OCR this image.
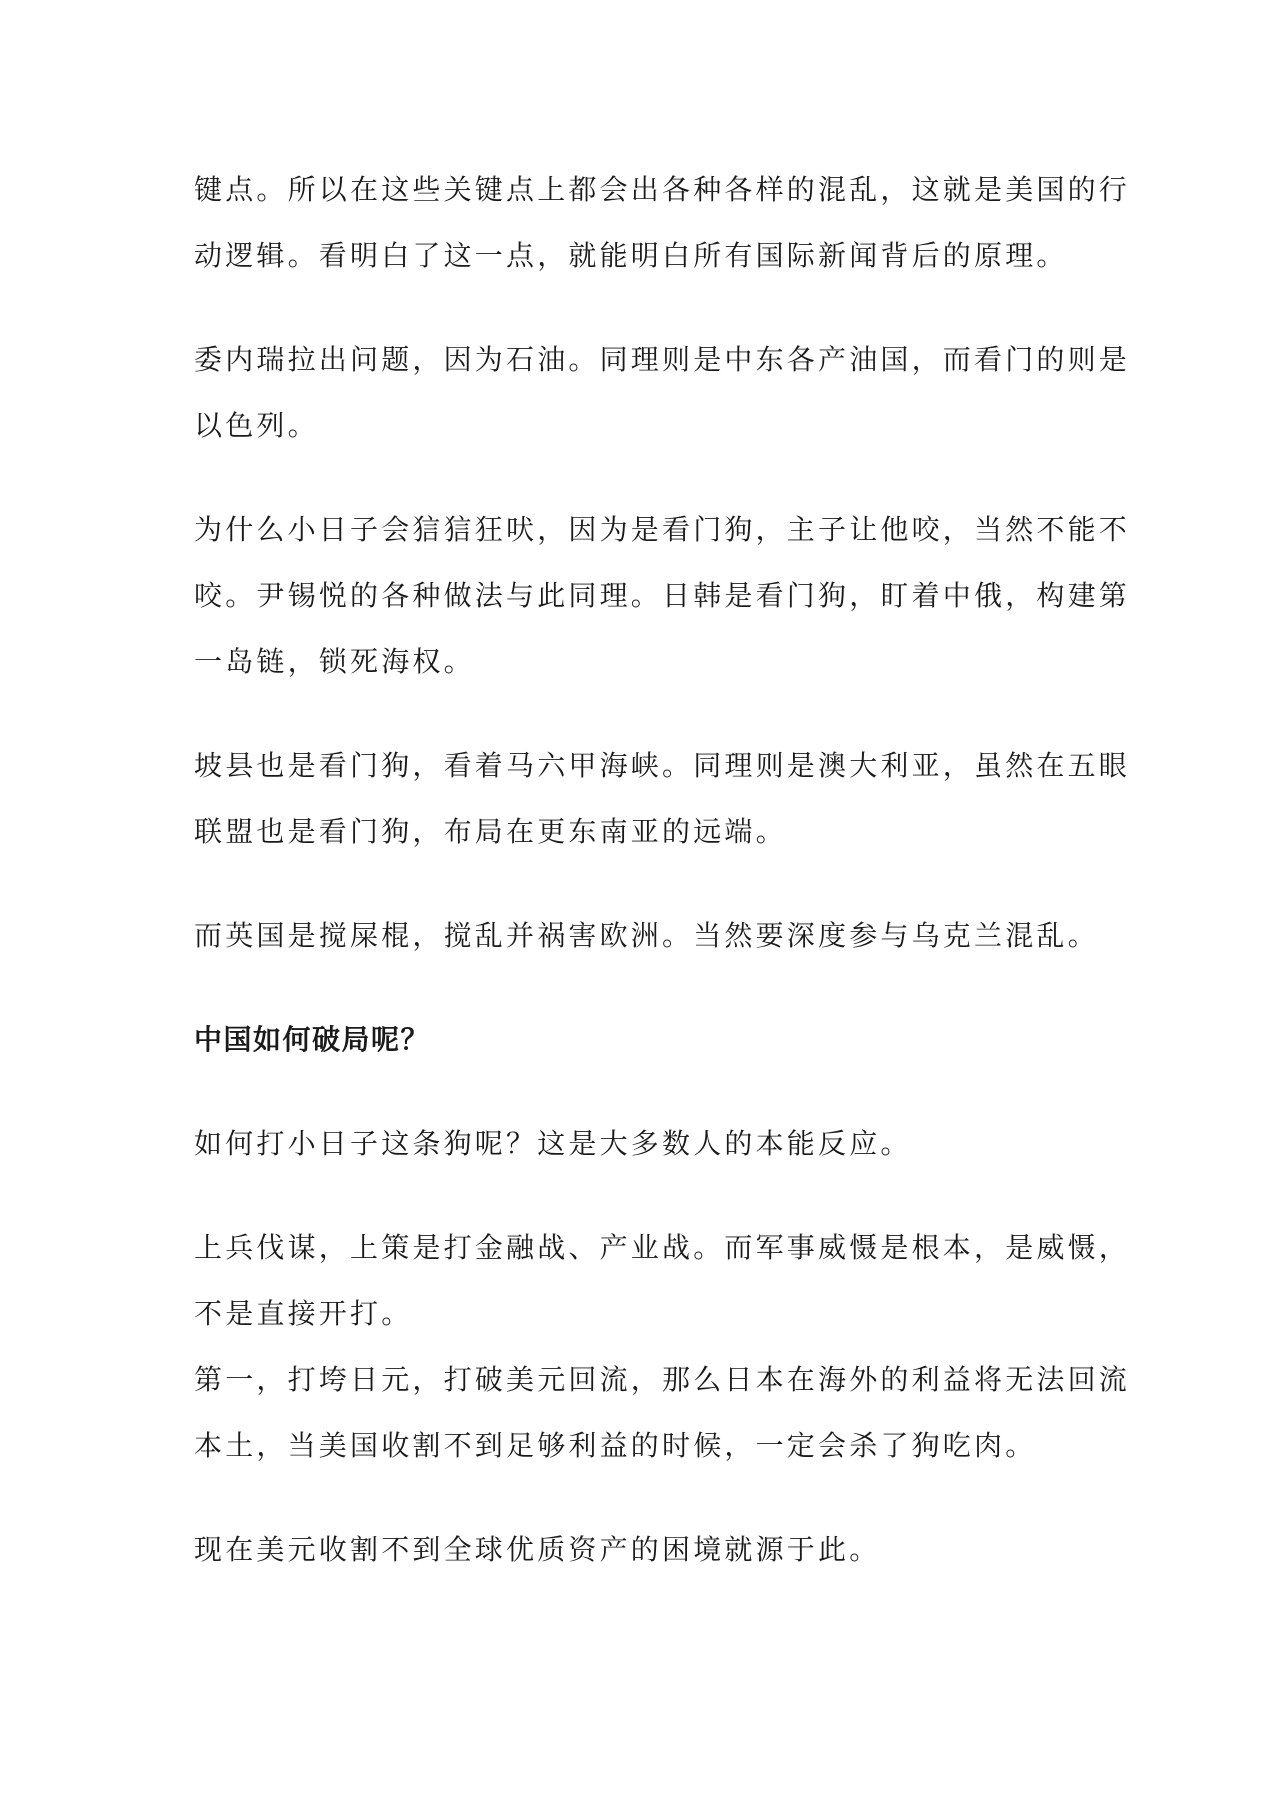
键点。所以在这些关键点上都会出各种各样的混乱，这就是美国的行
动逻辑。看明白了这一点，就能明白所有国际新闻背后的原理。
委内瑞拉出问题，因为石油。同理则是中东各产油国，而看门的则是
以色列。
为什么小日子会狺狺狂吠，因为是看门狗，主子让他咬，当然不能不
咬。尹锡悦的各种做法与此同理。日韩是看门狗，盯着中俄，构建第
一岛链，锁死海权。
坡县也是看门狗，看着马六甲海峡。同理则是澳大利亚，虽然在五眼
联盟也是看门狗，布局在更东南亚的远端。
而英国是搅屎棍，搅乱并祸害欧洲。当然要深度参与乌克兰混乱。
中国如何破局呢？
如何打小日子这条狗呢？这是大多数人的本能反应。
上兵伐谋，上策是打金融战、产业战。而军事威慑是根本，是威慑，
不是直接开打。
第一，打垮日元，打破美元回流，那么日本在海外的利益将无法回流
本土，当美国收割不到足够利益的时候，一定会杀了狗吃肉。
现在美元收割不到全球优质资产的困境就源于此。
